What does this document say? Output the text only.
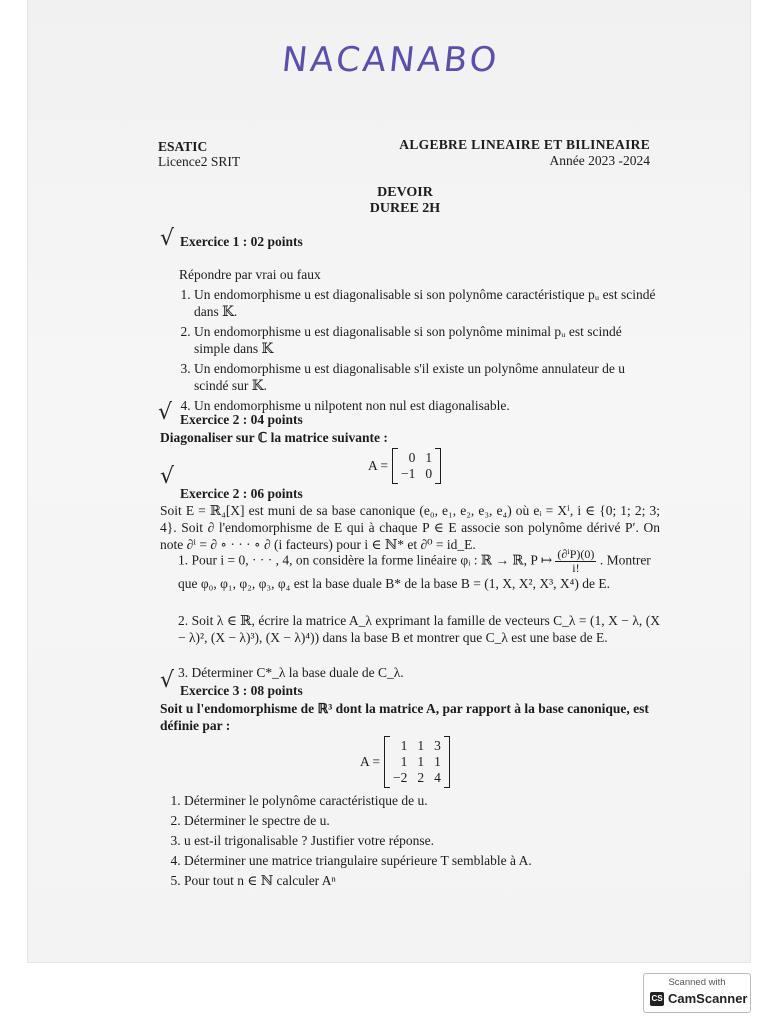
NACANABO
ESATIC
Licence2 SRIT
ALGEBRE LINEAIRE ET BILINEAIRE
Année 2023 -2024
DEVOIR
DUREE 2H
√ Exercice 1 : 02 points
Répondre par vrai ou faux
1. Un endomorphisme u est diagonalisable si son polynôme caractéristique pᵤ est scindé dans 𝕂.
2. Un endomorphisme u est diagonalisable si son polynôme minimal pᵤ est scindé simple dans 𝕂
3. Un endomorphisme u est diagonalisable s'il existe un polynôme annulateur de u scindé sur 𝕂.
4. Un endomorphisme u nilpotent non nul est diagonalisable.
√ Exercice 2 : 04 points
Diagonaliser sur ℂ la matrice suivante :
A =
0 1
−1 0
√
Exercice 2 : 06 points
Soit E = ℝ₄[X] est muni de sa base canonique (e₀, e₁, e₂, e₃, e₄) où eᵢ = Xⁱ, i ∈ {0; 1; 2; 3; 4}. Soit ∂ l'endomorphisme de E qui à chaque P ∈ E associe son polynôme dérivé P′. On note ∂ⁱ = ∂ ∘ · · · ∘ ∂ (i facteurs) pour i ∈ ℕ* et ∂⁰ = id_E.
1. Pour i = 0, · · · , 4, on considère la forme linéaire φᵢ : ℝ → ℝ, P ↦ $\frac{\text{(∂ⁱP)(0)}}{i!}$ . Montrer que φ₀, φ₁, φ₂, φ₃, φ₄ est la base duale B* de la base B = (1, X, X², X³, X⁴) de E.
2. Soit λ ∈ ℝ, écrire la matrice A_λ exprimant la famille de vecteurs C_λ = (1, X − λ, (X − λ)², (X − λ)³), (X − λ)⁴)) dans la base B et montrer que C_λ est une base de E.
√ 3. Déterminer C*_λ la base duale de C_λ.
Exercice 3 : 08 points
Soit u l'endomorphisme de ℝ³ dont la matrice A, par rapport à la base canonique, est définie par :
A =
1 1 3
1 1 1
−2 2 4
1. Déterminer le polynôme caractéristique de u.
2. Déterminer le spectre de u.
3. u est-il trigonalisable ? Justifier votre réponse.
4. Déterminer une matrice triangulaire supérieure T semblable à A.
5. Pour tout n ∈ ℕ calculer Aⁿ
Scanned with
CS CamScanner
